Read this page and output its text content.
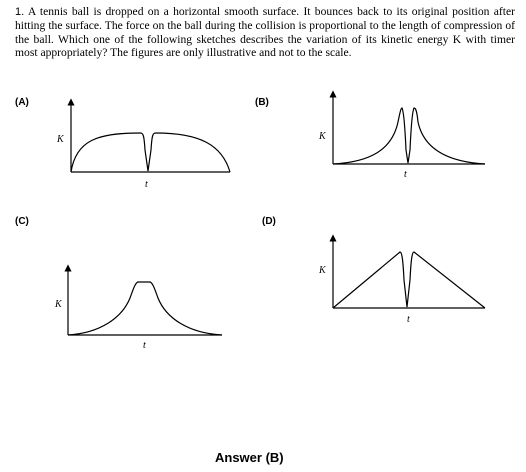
1. A tennis ball is dropped on a horizontal smooth surface. It bounces back to its original position after hitting the surface. The force on the ball during the collision is proportional to the length of compression of the ball. Which one of the following sketches describes the variation of its kinetic energy K with timer most appropriately? The figures are only illustrative and not to the scale.

(A)	(B)
(C)	(D)
K
t
K
t
K
t
K
t
Answer (B)
